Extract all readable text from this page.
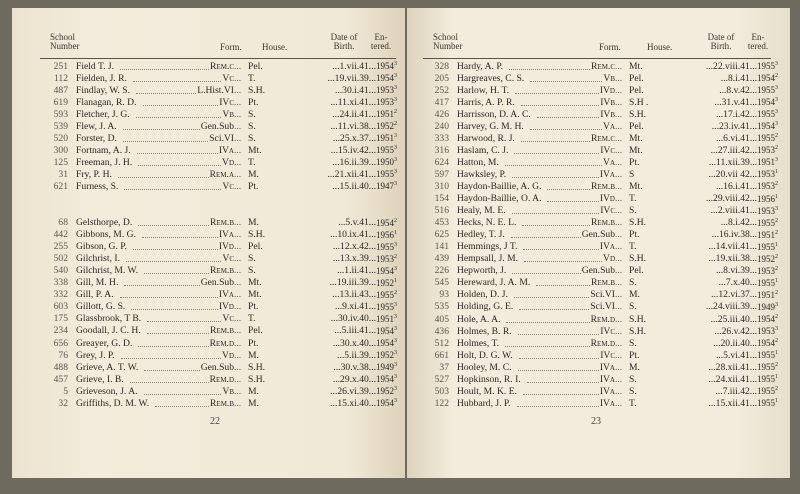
School Number	Form. House.
Date of Birth.
En- tered.
251 Field T. J.	Rem.c ... Pel.	...1.vii.41... 1954$^3$
112 Fielden, J. R.	Vc ... T.	...19.vii.39... 1954$^3$
487 Findlay, W. S.	L.Hist.VI ... S.H.	...30.i.41... 1953$^3$
619 Flanagan, R. D.	IVc ... Pt.	...11.xi.41... 1953$^3$
593 Fletcher, J. G.	Vb ... S.	...24.ii.41... 1951$^2$
539 Flew, J. A.	Gen.Sub ... S.	...11.vi.38... 1952$^2$
520 Forster, D.	Sci.VI ... S.	...25.x.37... 1951$^3$
300 Fortnam, A. J.	IVa ... Mt.	...15.iv.42... 1955$^3$
125 Freeman, J. H.	Vd ... T.	...16.ii.39... 1950$^3$
31 Fry, P. H.	Rem.a ... M.	...21.xii.41... 1955$^3$
621 Furness, S.	Vc ... Pt.	...15.ii.40... 1947$^3$
68 Gelsthorpe, D.	Rem.b ... M.	...5.v.41... 1954$^2$
442 Gibbons, M. G.	IVa ... S.H.	...10.ix.41... 1956$^1$
255 Gibson, G. P.	IVd ... Pel.	...12.x.42... 1955$^3$
502 Gilchrist, I.	Vc ... S.	...13.x.39... 1953$^2$
540 Gilchrist, M. W.	Rem.b ... S.	...1.ii.41... 1954$^3$
338 Gill, M. H.	Gen.Sub ... Mt.	...19.iii.39... 1952$^1$
332 Gill, P. A.	IVa ... Mt.	...13.ii.43... 1955$^2$
603 Gillott, G. S.	IVd ... Pt.	...9.xi.41... 1955$^3$
175 Glassbrook, T B.	Vc ... T.	...30.iv.40... 1951$^3$
234 Goodall, J. C. H.	Rem.b ... Pel.	...5.iii.41... 1954$^3$
656 Greayer, G. D.	Rem.d ... Pt.	...30.x.40... 1954$^3$
76 Grey, J. P.	Vd ... M.	...5.ii.39... 1952$^3$
488 Grieve, A. T. W.	Gen.Sub ... S.H.	...30.v.38... 1949$^3$
457 Grieve, I. B.	Rem.d ... S.H.	...29.x.40... 1954$^3$
5 Grieveson, J. A.	Vb ... M.	...26.vi.39... 1952$^3$
32 Griffiths, D. M. W.	Rem.b ... M.	...15.xi.40... 1954$^3$
22
School Number	Form.	House.
Date of Birth.
En- tered.
328 Hardy, A. P.	Rem.c ... Mt.	...22.viii.41... 1955$^3$
205 Hargreaves, C. S.	Vb ... Pel.	...8.i.41... 1954$^2$
252 Harlow, H. T.	IVd ... Pel.	...8.v.42... 1955$^3$
417 Harris, A. P. R.	IVb ... S.H .	...31.v.41... 1954$^3$
426 Harrisson, D. A. C.	IVb ... S.H.	...17.i.42... 1955$^3$
240 Harvey, G. M. H.	Va ... Pel.	...23.iv.41... 1954$^3$
333 Harwood, R. J.	Rem.c ... Mt.	...6.vi.41... 1955$^2$
316 Haslam, C. J.	IVc ... Mt.	...27.iii.42... 1953$^2$
624 Hatton, M.	Va ... Pt.	...11.xii.39... 1951$^3$
597 Hawksley, P.	IVa ... S	...20.vii 42... 1953$^1$
310 Haydon-Baillie, A. G.	Rem.b ... Mt.	...16.i.41... 1953$^2$
154 Haydon-Baillie, O. A.	IVd ... T.	...29.viii.42... 1956$^1$
516 Healy, M. E.	IVc ... S.	...2.viii.41... 1953$^3$
453 Hecks, N. E. L.	Rem.b ... S.H.	...8.i.42... 1955$^2$
625 Hedley, T. J.	Gen.Sub ... Pt.	...16.iv.38... 1951$^2$
141 Hemmings, J T.	IVa ... T.	...14.vii.41... 1955$^1$
439 Hempsall, J. M.	Vd ... S.H.	...19.xii.38... 1952$^2$
226 Hepworth, J.	Gen.Sub ... Pel.	...8.vi.39... 1953$^2$
545 Hereward, J. A. M.	Rem.b ... S.	...7.x.40... 1955$^1$
93 Holden, D. J.	Sci.VI ... M.	...12.vi.37... 1951$^2$
535 Holding, G. E.	Sci.VI ... S.	...24.viii.39... 1949$^3$
405 Hole, A. A.	Rem.d ... S.H.	...25.iii.40... 1954$^2$
436 Holmes, B. R.	IVc ... S.H.	...26.v.42... 1953$^3$
512 Holmes, T.	Rem.d ... S.	...20.ii.40... 1954$^2$
661 Holt, D. G. W.	IVc ... Pt.	...5.vi.41... 1955$^1$
37 Hooley, M. C.	IVa ... M.	...28.xii.41... 1955$^2$
527 Hopkinson, R. I.	IVa ... S.	...24.xii.41... 1955$^1$
503 Hoult, M. K. E.	IVa ... S.	...7.iii.42... 1955$^2$
122 Hubbard, J. P.	IVa ... T.	...15.xii.41... 1955$^1$
23
